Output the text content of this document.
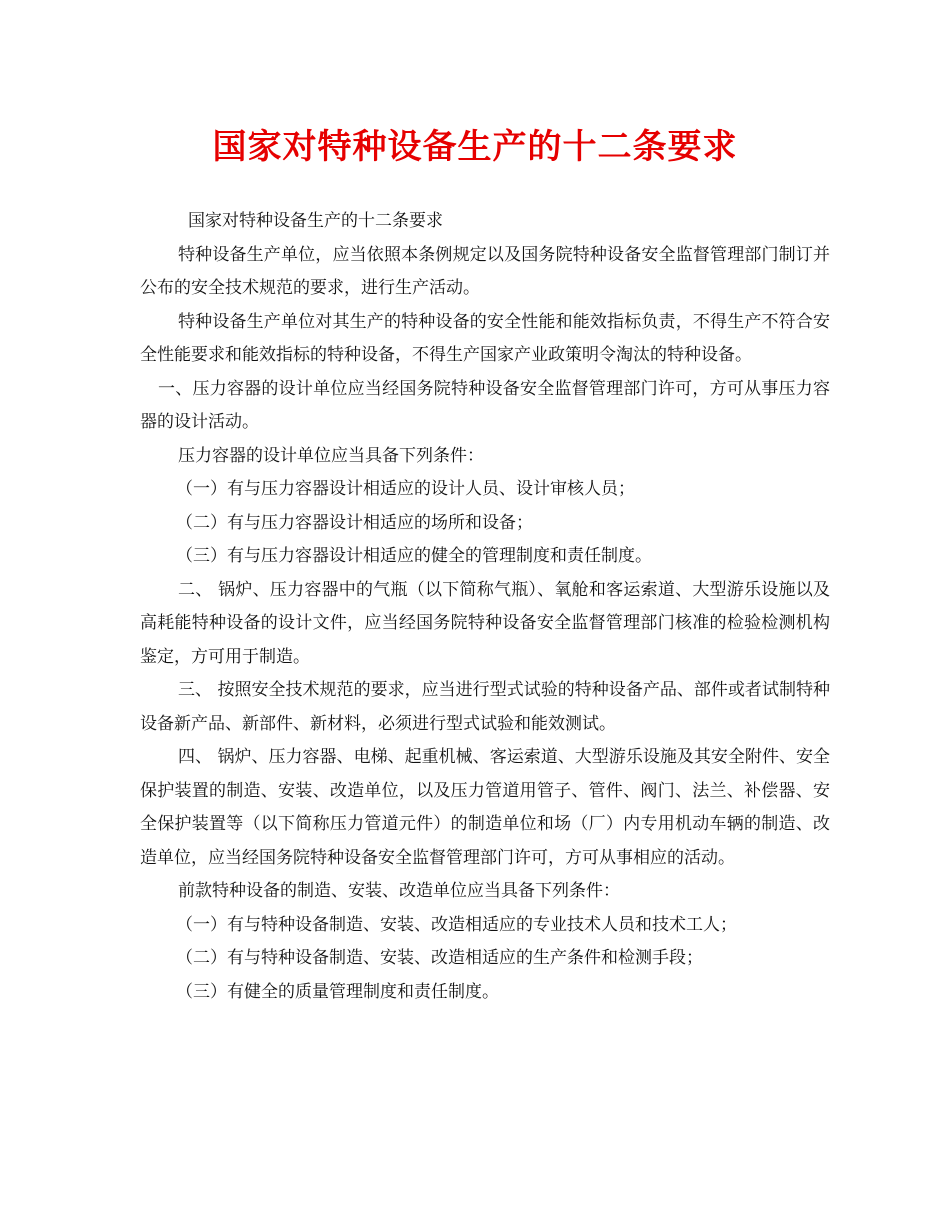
国家对特种设备生产的十二条要求

国家对特种设备生产的十二条要求

特种设备生产单位，应当依照本条例规定以及国务院特种设备安全监督管理部门制订并公布的安全技术规范的要求，进行生产活动。

特种设备生产单位对其生产的特种设备的安全性能和能效指标负责，不得生产不符合安全性能要求和能效指标的特种设备，不得生产国家产业政策明令淘汰的特种设备。

一、压力容器的设计单位应当经国务院特种设备安全监督管理部门许可，方可从事压力容器的设计活动。

压力容器的设计单位应当具备下列条件：

（一）有与压力容器设计相适应的设计人员、设计审核人员；

（二）有与压力容器设计相适应的场所和设备；

（三）有与压力容器设计相适应的健全的管理制度和责任制度。

二、 锅炉、压力容器中的气瓶（以下简称气瓶）、氧舱和客运索道、大型游乐设施以及高耗能特种设备的设计文件，应当经国务院特种设备安全监督管理部门核准的检验检测机构鉴定，方可用于制造。

三、 按照安全技术规范的要求，应当进行型式试验的特种设备产品、部件或者试制特种设备新产品、新部件、新材料，必须进行型式试验和能效测试。

四、 锅炉、压力容器、电梯、起重机械、客运索道、大型游乐设施及其安全附件、安全保护装置的制造、安装、改造单位，以及压力管道用管子、管件、阀门、法兰、补偿器、安全保护装置等（以下简称压力管道元件）的制造单位和场（厂）内专用机动车辆的制造、改造单位，应当经国务院特种设备安全监督管理部门许可，方可从事相应的活动。

前款特种设备的制造、安装、改造单位应当具备下列条件：

（一）有与特种设备制造、安装、改造相适应的专业技术人员和技术工人；

（二）有与特种设备制造、安装、改造相适应的生产条件和检测手段；

（三）有健全的质量管理制度和责任制度。
